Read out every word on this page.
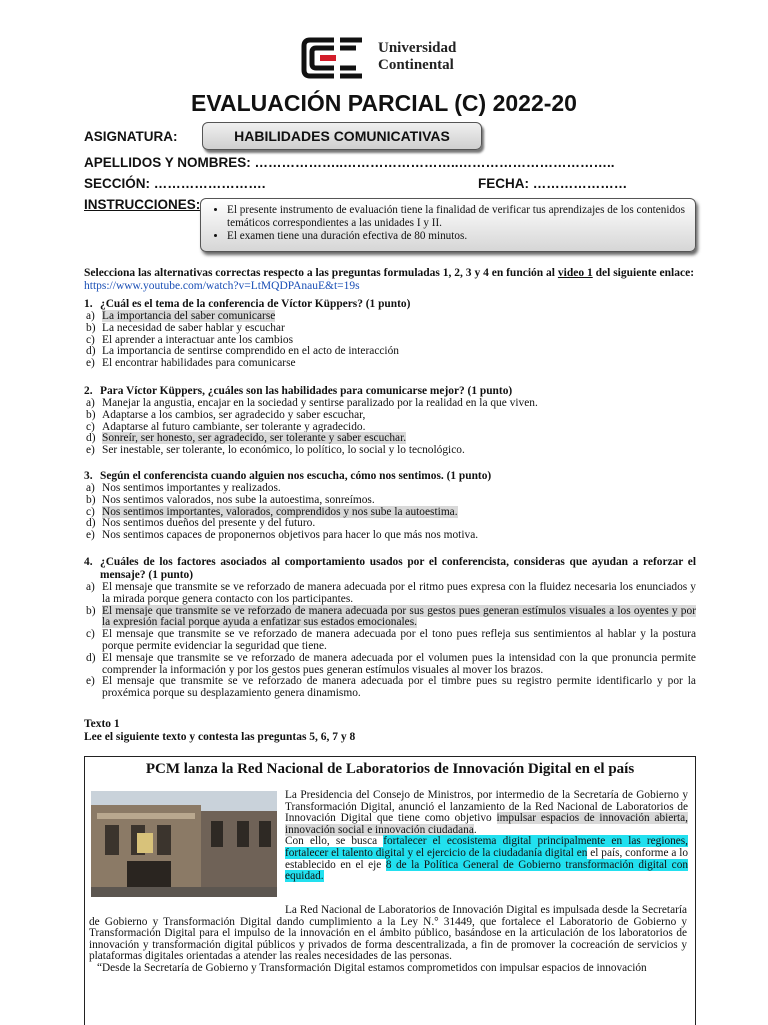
Universidad
Continental
EVALUACIÓN PARCIAL (C) 2022-20
ASIGNATURA:	HABILIDADES COMUNICATIVAS
APELLIDOS Y NOMBRES: ………………..……………………..……………………………..
SECCIÓN: …………………….	FECHA: …………………
INSTRUCCIONES:
• El presente instrumento de evaluación tiene la finalidad de verificar tus aprendizajes de los contenidos temáticos correspondientes a las unidades I y II.
• El examen tiene una duración efectiva de 80 minutos.
Selecciona las alternativas correctas respecto a las preguntas formuladas 1, 2, 3 y 4 en función al video 1 del siguiente enlace: https://www.youtube.com/watch?v=LtMQDPAnauE&t=19s
1. ¿Cuál es el tema de la conferencia de Víctor Küppers? (1 punto)
a) La importancia del saber comunicarse
b) La necesidad de saber hablar y escuchar
c) El aprender a interactuar ante los cambios
d) La importancia de sentirse comprendido en el acto de interacción
e) El encontrar habilidades para comunicarse
2. Para Víctor Küppers, ¿cuáles son las habilidades para comunicarse mejor? (1 punto)
a) Manejar la angustia, encajar en la sociedad y sentirse paralizado por la realidad en la que viven.
b) Adaptarse a los cambios, ser agradecido y saber escuchar,
c) Adaptarse al futuro cambiante, ser tolerante y agradecido.
d) Sonreír, ser honesto, ser agradecido, ser tolerante y saber escuchar.
e) Ser inestable, ser tolerante, lo económico, lo político, lo social y lo tecnológico.
3. Según el conferencista cuando alguien nos escucha, cómo nos sentimos. (1 punto)
a) Nos sentimos importantes y realizados.
b) Nos sentimos valorados, nos sube la autoestima, sonreímos.
c) Nos sentimos importantes, valorados, comprendidos y nos sube la autoestima.
d) Nos sentimos dueños del presente y del futuro.
e) Nos sentimos capaces de proponernos objetivos para hacer lo que más nos motiva.
4. ¿Cuáles de los factores asociados al comportamiento usados por el conferencista, consideras que ayudan a reforzar el mensaje? (1 punto)
a) El mensaje que transmite se ve reforzado de manera adecuada por el ritmo pues expresa con la fluidez necesaria los enunciados y la mirada porque genera contacto con los participantes.
b) El mensaje que transmite se ve reforzado de manera adecuada por sus gestos pues generan estímulos visuales a los oyentes y por la expresión facial porque ayuda a enfatizar sus estados emocionales.
c) El mensaje que transmite se ve reforzado de manera adecuada por el tono pues refleja sus sentimientos al hablar y la postura porque permite evidenciar la seguridad que tiene.
d) El mensaje que transmite se ve reforzado de manera adecuada por el volumen pues la intensidad con la que pronuncia permite comprender la información y por los gestos pues generan estímulos visuales al mover los brazos.
e) El mensaje que transmite se ve reforzado de manera adecuada por el timbre pues su registro permite identificarlo y por la proxémica porque su desplazamiento genera dinamismo.
Texto 1
Lee el siguiente texto y contesta las preguntas 5, 6, 7 y 8
PCM lanza la Red Nacional de Laboratorios de Innovación Digital en el país
La Presidencia del Consejo de Ministros, por intermedio de la Secretaría de Gobierno y Transformación Digital, anunció el lanzamiento de la Red Nacional de Laboratorios de Innovación Digital que tiene como objetivo impulsar espacios de innovación abierta, innovación social e innovación ciudadana.
Con ello, se busca fortalecer el ecosistema digital principalmente en las regiones, fortalecer el talento digital y el ejercicio de la ciudadanía digital en el país, conforme a lo establecido en el eje 8 de la Política General de Gobierno transformación digital con equidad.
La Red Nacional de Laboratorios de Innovación Digital es impulsada desde la Secretaría de Gobierno y Transformación Digital dando cumplimiento a la Ley N.° 31449, que fortalece el Laboratorio de Gobierno y Transformación Digital para el impulso de la innovación en el ámbito público, basándose en la articulación de los laboratorios de innovación y transformación digital públicos y privados de forma descentralizada, a fin de promover la cocreación de servicios y plataformas digitales orientadas a atender las reales necesidades de las personas.
“Desde la Secretaría de Gobierno y Transformación Digital estamos comprometidos con impulsar espacios de innovación
